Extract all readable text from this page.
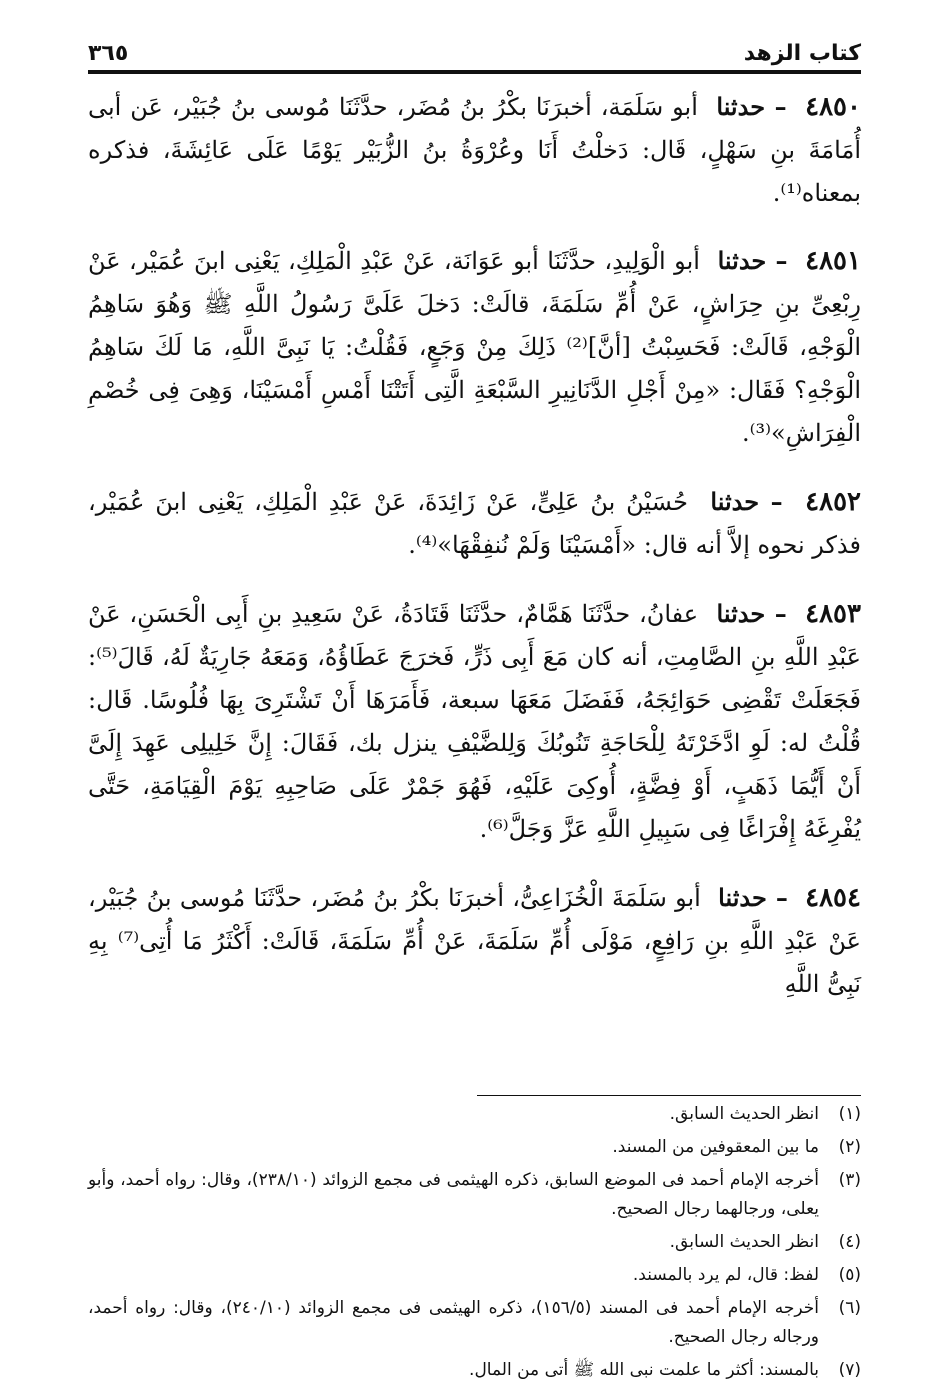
كتاب الزهد
٣٦٥

٤٨٥٠  – حدثنا  أبو سَلَمَة، أخبرَنَا بكْرُ بنُ مُضَر، حدَّثَنَا مُوسى بنُ جُبَيْر، عَن أبى أُمَامَةَ بنِ سَهْلٍ، قَال: دَخلْتُ أَنَا وعُرْوَةُ بنُ الزُّبَيْر يَوْمًا عَلَى عَائِشَةَ، فذكره بمعناه⁽¹⁾.

٤٨٥١  – حدثنا  أبو الْوَلِيدِ، حدَّثَنَا أبو عَوَانَة، عَنْ عَبْدِ الْمَلِكِ، يَعْنِى ابنَ عُمَيْر، عَنْ رِبْعِىِّ بنِ حِرَاشٍ، عَنْ أُمِّ سَلَمَةَ، قالَتْ: دَخلَ عَلَىَّ رَسُولُ اللَّهِ ﷺ وَهُوَ سَاهِمُ الْوَجْهِ، قَالَتْ: فَحَسِبْتُ [أنَّ]⁽²⁾ ذَلِكَ مِنْ وَجَعٍ، فَقُلْتُ: يَا نَبِىَّ اللَّهِ، مَا لَكَ سَاهِمُ الْوَجْهِ؟ فَقَال: «مِنْ أَجْلِ الدَّنَانِيرِ السَّبْعَةِ الَّتِى أَتَتْنَا أَمْسِ أَمْسَيْنَا، وَهِىَ فِى خُصْمِ الْفِرَاشِ»⁽³⁾.

٤٨٥٢  – حدثنا  حُسَيْنُ بنُ عَلِىٍّ، عَنْ زَائِدَةَ، عَنْ عَبْدِ الْمَلِكِ، يَعْنِى ابنَ عُمَيْر، فذكر نحوه إلاَّ أنه قال: «أَمْسَيْنَا وَلَمْ نُنفِقْهَا»⁽⁴⁾.

٤٨٥٣  – حدثنا  عفانُ، حدَّثَنَا هَمَّامٌ، حدَّثَنَا قَتَادَةُ، عَنْ سَعِيدِ بنِ أَبِى الْحَسَنِ، عَنْ عَبْدِ اللَّهِ بنِ الصَّامِتِ، أنه كان مَعَ أَبِى ذَرٍّ، فَخرَجَ عَطَاؤُهُ، وَمَعَهُ جَارِيَةٌ لَهُ، قَالَ⁽⁵⁾: فَجَعَلَتْ تَقْضِى حَوَائِجَهُ، فَفَضَلَ مَعَهَا سبعة، فَأَمَرَهَا أَنْ تَشْتَرِىَ بِهَا فُلُوسًا. قَال: قُلْتُ له: لَوِ ادَّخَرْتَهُ لِلْحَاجَةِ تَنُوبُكَ وَلِلضَّيْفِ ينزل بك، فَقَالَ: إِنَّ خَلِيلِى عَهِدَ إِلَىَّ أَنْ أَيُّمَا ذَهَبٍ، أَوْ فِضَّةٍ، أُوكِىَ عَلَيْهِ، فَهُوَ جَمْرٌ عَلَى صَاحِبِهِ يَوْمَ الْقِيَامَةِ، حَتَّى يُفْرِغَهُ إِفْرَاغًا فِى سَبِيلِ اللَّهِ عَزَّ وَجَلَّ⁽⁶⁾.

٤٨٥٤  – حدثنا  أبو سَلَمَةَ الْخُزَاعِىُّ، أخبرَنَا بكْرُ بنُ مُضَر، حدَّثَنَا مُوسى بنُ جُبَيْر، عَنْ عَبْدِ اللَّهِ بنِ رَافِعٍ، مَوْلَى أُمِّ سَلَمَةَ، عَنْ أُمِّ سَلَمَةَ، قَالَتْ: أَكْثَرُ مَا أُتِى⁽⁷⁾ بِهِ نَبِىُّ اللَّهِ

(١)انظر الحديث السابق.

(٢)ما بين المعقوفين من المسند.

(٣)أخرجه الإمام أحمد فى الموضع السابق، ذكره الهيثمى فى مجمع الزوائد (٢٣٨/١٠)، وقال: رواه أحمد، وأبو يعلى، ورجالهما رجال الصحيح.

(٤)انظر الحديث السابق.

(٥)لفظ: قال، لم يرد بالمسند.

(٦)أخرجه الإمام أحمد فى المسند (١٥٦/٥)، ذكره الهيثمى فى مجمع الزوائد (٢٤٠/١٠)، وقال: رواه أحمد، ورجاله رجال الصحيح.

(٧)بالمسند: أكثر ما علمت نبى الله ﷺ أتى من المال.
